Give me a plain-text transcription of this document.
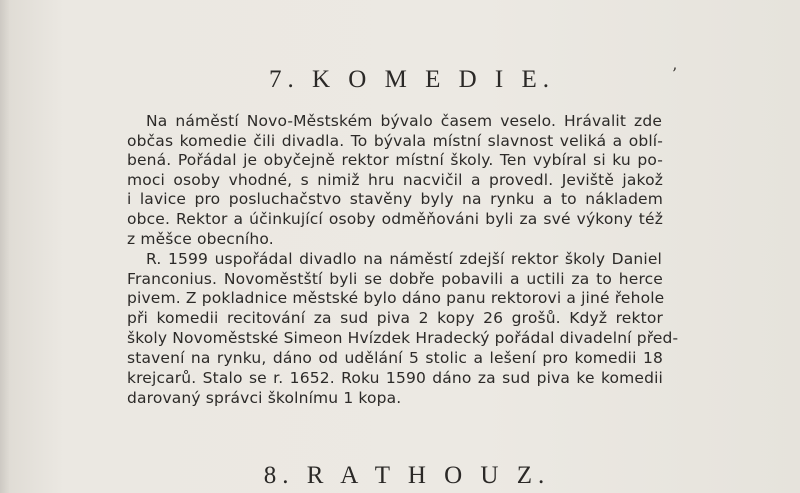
7. K O M E D I E.	’
Na náměstí Novo-Městském bývalo časem veselo. Hrávalit zde
občas komedie čili divadla. To bývala místní slavnost veliká a oblí-
bená. Pořádal je obyčejně rektor místní školy. Ten vybíral si ku po-
moci osoby vhodné, s nimiž hru nacvičil a provedl. Jeviště jakož
i lavice pro posluchačstvo stavěny byly na rynku a to nákladem
obce. Rektor a účinkující osoby odměňováni byli za své výkony též
z měšce obecního.
R. 1599 uspořádal divadlo na náměstí zdejší rektor školy Daniel
Franconius. Novoměstští byli se dobře pobavili a uctili za to herce
pivem. Z pokladnice městské bylo dáno panu rektorovi a jiné řehole
při komedii recitování za sud piva 2 kopy 26 grošů. Když rektor
školy Novoměstské Simeon Hvízdek Hradecký pořádal divadelní před-
stavení na rynku, dáno od udělání 5 stolic a lešení pro komedii 18
krejcarů. Stalo se r. 1652. Roku 1590 dáno za sud piva ke komedii
darovaný správci školnímu 1 kopa.
8. R A T H O U Z.
